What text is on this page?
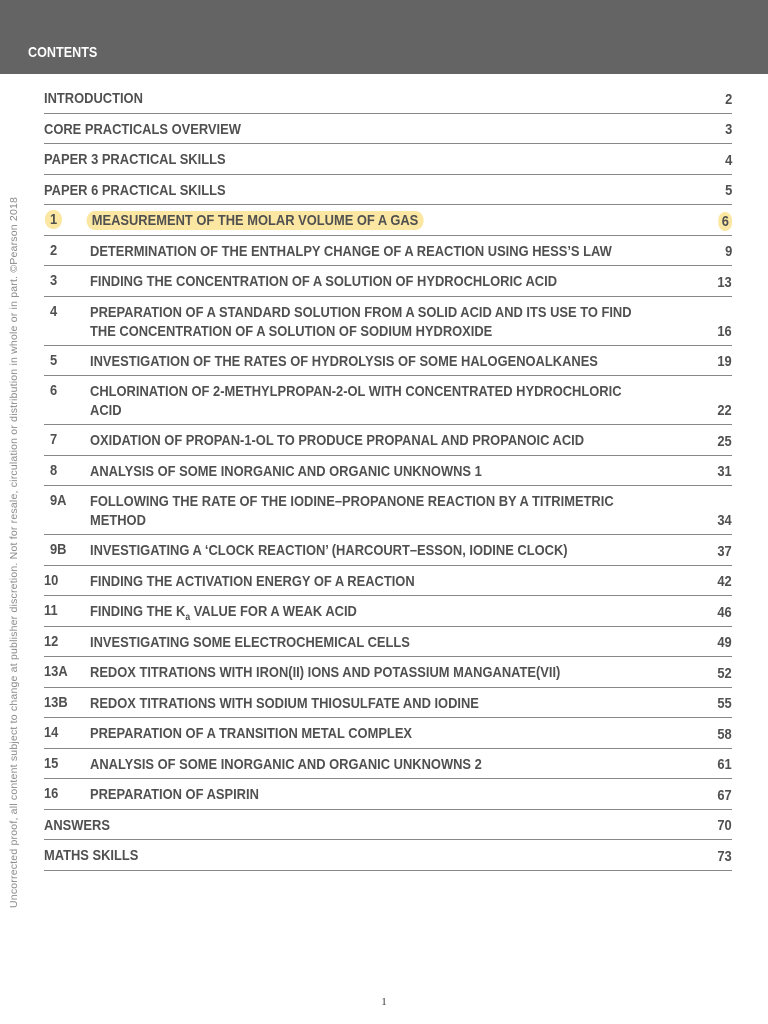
CONTENTS
Uncorrected proof, all content subject to change at publisher discretion. Not for resale, circulation or distribution in whole or in part. ©Pearson 2018
INTRODUCTION	2
CORE PRACTICALS OVERVIEW	3
PAPER 3 PRACTICAL SKILLS	4
PAPER 6 PRACTICAL SKILLS	5
1	MEASUREMENT OF THE MOLAR VOLUME OF A GAS	6
2 DETERMINATION OF THE ENTHALPY CHANGE OF A REACTION USING HESS’S LAW	9
3 FINDING THE CONCENTRATION OF A SOLUTION OF HYDROCHLORIC ACID	13
4 PREPARATION OF A STANDARD SOLUTION FROM A SOLID ACID AND ITS USE TO FIND
THE CONCENTRATION OF A SOLUTION OF SODIUM HYDROXIDE	16
5 INVESTIGATION OF THE RATES OF HYDROLYSIS OF SOME HALOGENOALKANES	19
6 CHLORINATION OF 2-METHYLPROPAN-2-OL WITH CONCENTRATED HYDROCHLORIC
ACID	22
7 OXIDATION OF PROPAN-1-OL TO PRODUCE PROPANAL AND PROPANOIC ACID	25
8 ANALYSIS OF SOME INORGANIC AND ORGANIC UNKNOWNS 1	31
9A FOLLOWING THE RATE OF THE IODINE–PROPANONE REACTION BY A TITRIMETRIC
METHOD	34
9B INVESTIGATING A ‘CLOCK REACTION’ (HARCOURT–ESSON, IODINE CLOCK)	37
10 FINDING THE ACTIVATION ENERGY OF A REACTION	42
11 FINDING THE $K_a$ VALUE FOR A WEAK ACID	46
12 INVESTIGATING SOME ELECTROCHEMICAL CELLS	49
13A REDOX TITRATIONS WITH IRON(II) IONS AND POTASSIUM MANGANATE(VII)	52
13B REDOX TITRATIONS WITH SODIUM THIOSULFATE AND IODINE	55
14 PREPARATION OF A TRANSITION METAL COMPLEX	58
15 ANALYSIS OF SOME INORGANIC AND ORGANIC UNKNOWNS 2	61
16 PREPARATION OF ASPIRIN	67
ANSWERS	70
MATHS SKILLS	73
1
